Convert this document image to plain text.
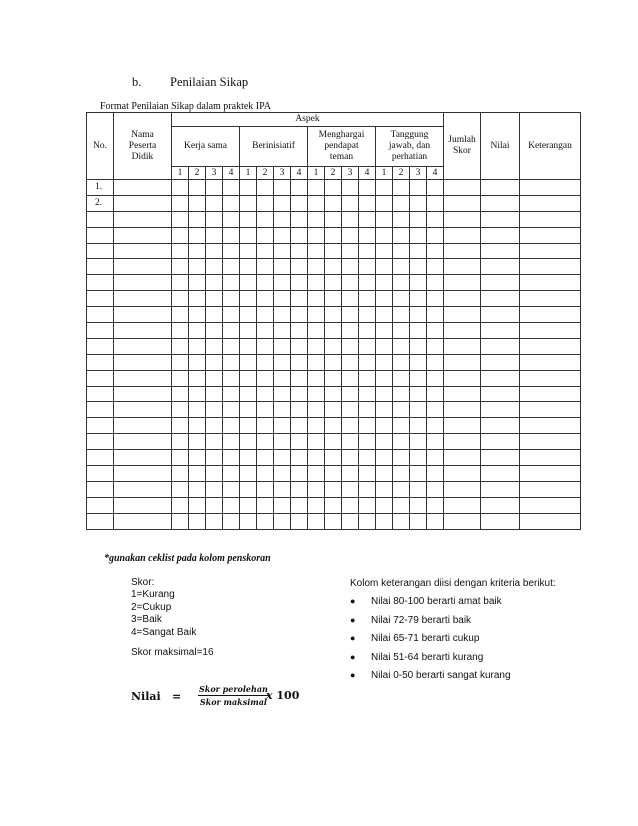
b. Penilaian Sikap
Format Penilaian Sikap dalam praktek IPA
No.	Nama Peserta Didik	Aspek																Jumlah Skor	Nilai	Keterangan
		Kerja sama				Berinisiatif				Menghargai pendapat teman				Tanggung jawab, dan perhatian						
		1	2	3	4	1	2	3	4	1	2	3	4	1	2	3	4			
1.																				
2.																				

*gunakan ceklist pada kolom penskoran
Skor:
1=Kurang
2=Cukup
3=Baik
4=Sangat Baik
Skor maksimal=16
Kolom keterangan diisi dengan kriteria berikut:
● Nilai 80-100 berarti amat baik
● Nilai 72-79 berarti baik
● Nilai 65-71 berarti cukup
● Nilai 51-64 berarti kurang
● Nilai 0-50 berarti sangat kurang
Nilai =
Skor perolehan
Skor maksimal x 100
